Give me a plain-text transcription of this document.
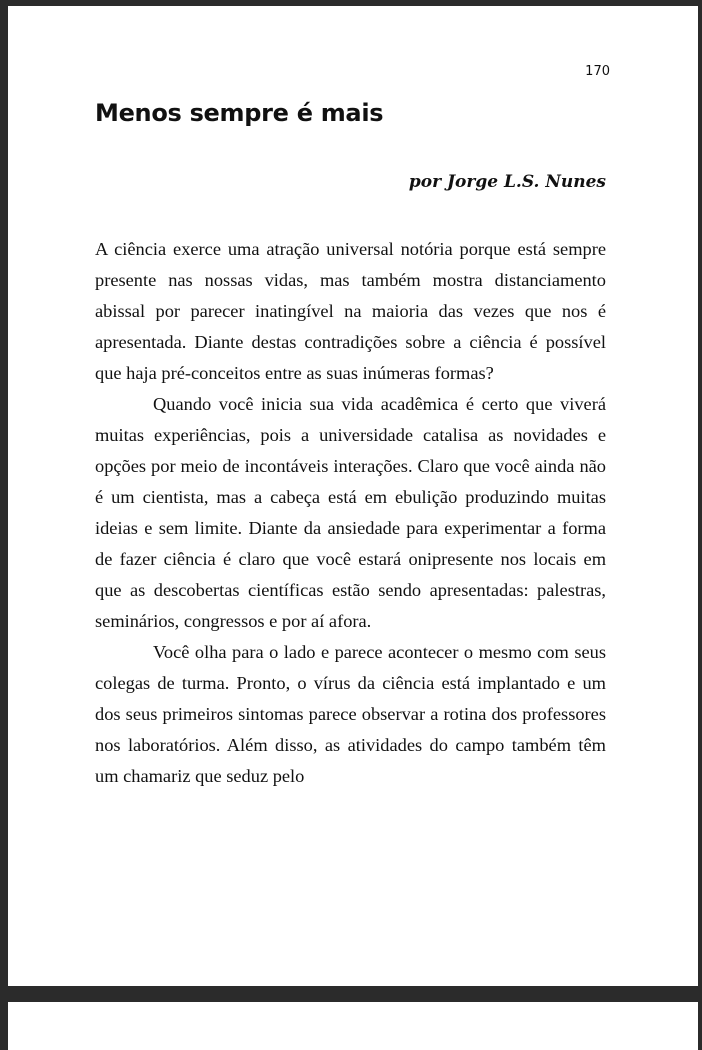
170
Menos sempre é mais
por Jorge L.S. Nunes

A ciência exerce uma atração universal notória porque está sempre presente nas nossas vidas, mas também mostra distanciamento abissal por parecer inatingível na maioria das vezes que nos é apresentada. Diante destas contradições sobre a ciência é possível que haja pré-conceitos entre as suas inúmeras formas?

Quando você inicia sua vida acadêmica é certo que viverá muitas experiências, pois a universidade catalisa as novidades e opções por meio de incontáveis interações. Claro que você ainda não é um cientista, mas a cabeça está em ebulição produzindo muitas ideias e sem limite. Diante da ansiedade para experimentar a forma de fazer ciência é claro que você estará onipresente nos locais em que as descobertas científicas estão sendo apresentadas: palestras, seminários, congressos e por aí afora.

Você olha para o lado e parece acontecer o mesmo com seus colegas de turma. Pronto, o vírus da ciência está implantado e um dos seus primeiros sintomas parece observar a rotina dos professores nos laboratórios. Além disso, as atividades do campo também têm um chamariz que seduz pelo
